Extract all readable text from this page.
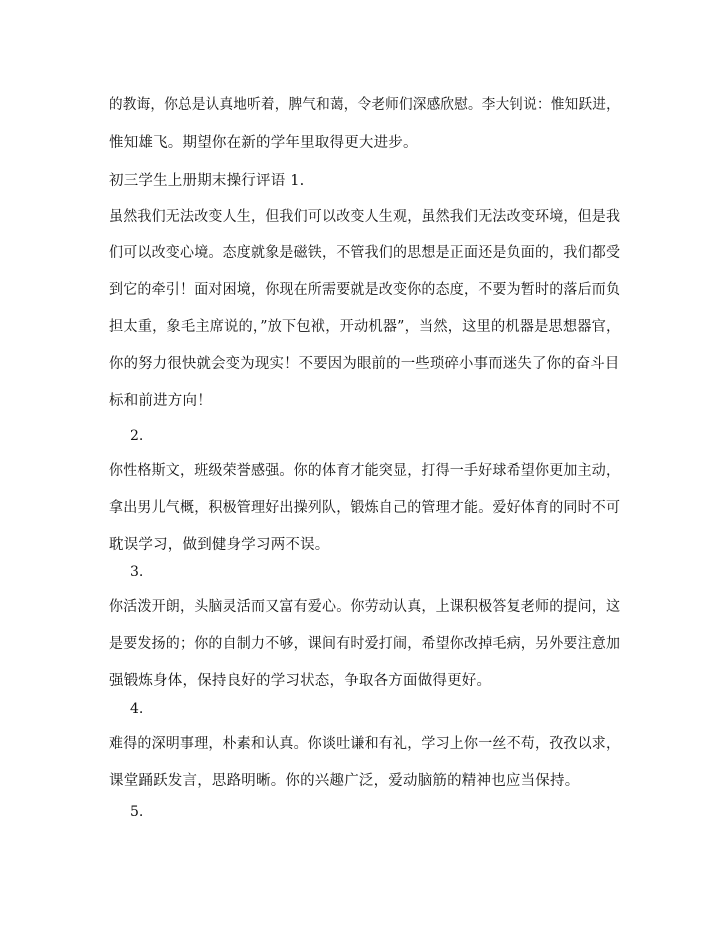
的教诲，你总是认真地听着，脾气和蔼，令老师们深感欣慰。李大钊说：惟知跃进，
惟知雄飞。期望你在新的学年里取得更大进步。
初三学生上册期末操行评语 1.
虽然我们无法改变人生，但我们可以改变人生观，虽然我们无法改变环境，但是我
们可以改变心境。态度就象是磁铁，不管我们的思想是正面还是负面的，我们都受
到它的牵引！面对困境，你现在所需要就是改变你的态度，不要为暂时的落后而负
担太重，象毛主席说的，”放下包袱，开动机器”，当然，这里的机器是思想器官，
你的努力很快就会变为现实！不要因为眼前的一些琐碎小事而迷失了你的奋斗目
标和前进方向！
2.
你性格斯文，班级荣誉感强。你的体育才能突显，打得一手好球希望你更加主动，
拿出男儿气概，积极管理好出操列队，锻炼自己的管理才能。爱好体育的同时不可
耽误学习，做到健身学习两不误。
3.
你活泼开朗，头脑灵活而又富有爱心。你劳动认真，上课积极答复老师的提问，这
是要发扬的；你的自制力不够，课间有时爱打闹，希望你改掉毛病，另外要注意加
强锻炼身体，保持良好的学习状态，争取各方面做得更好。
4.
难得的深明事理，朴素和认真。你谈吐谦和有礼，学习上你一丝不苟，孜孜以求，
课堂踊跃发言，思路明晰。你的兴趣广泛，爱动脑筋的精神也应当保持。
5.
